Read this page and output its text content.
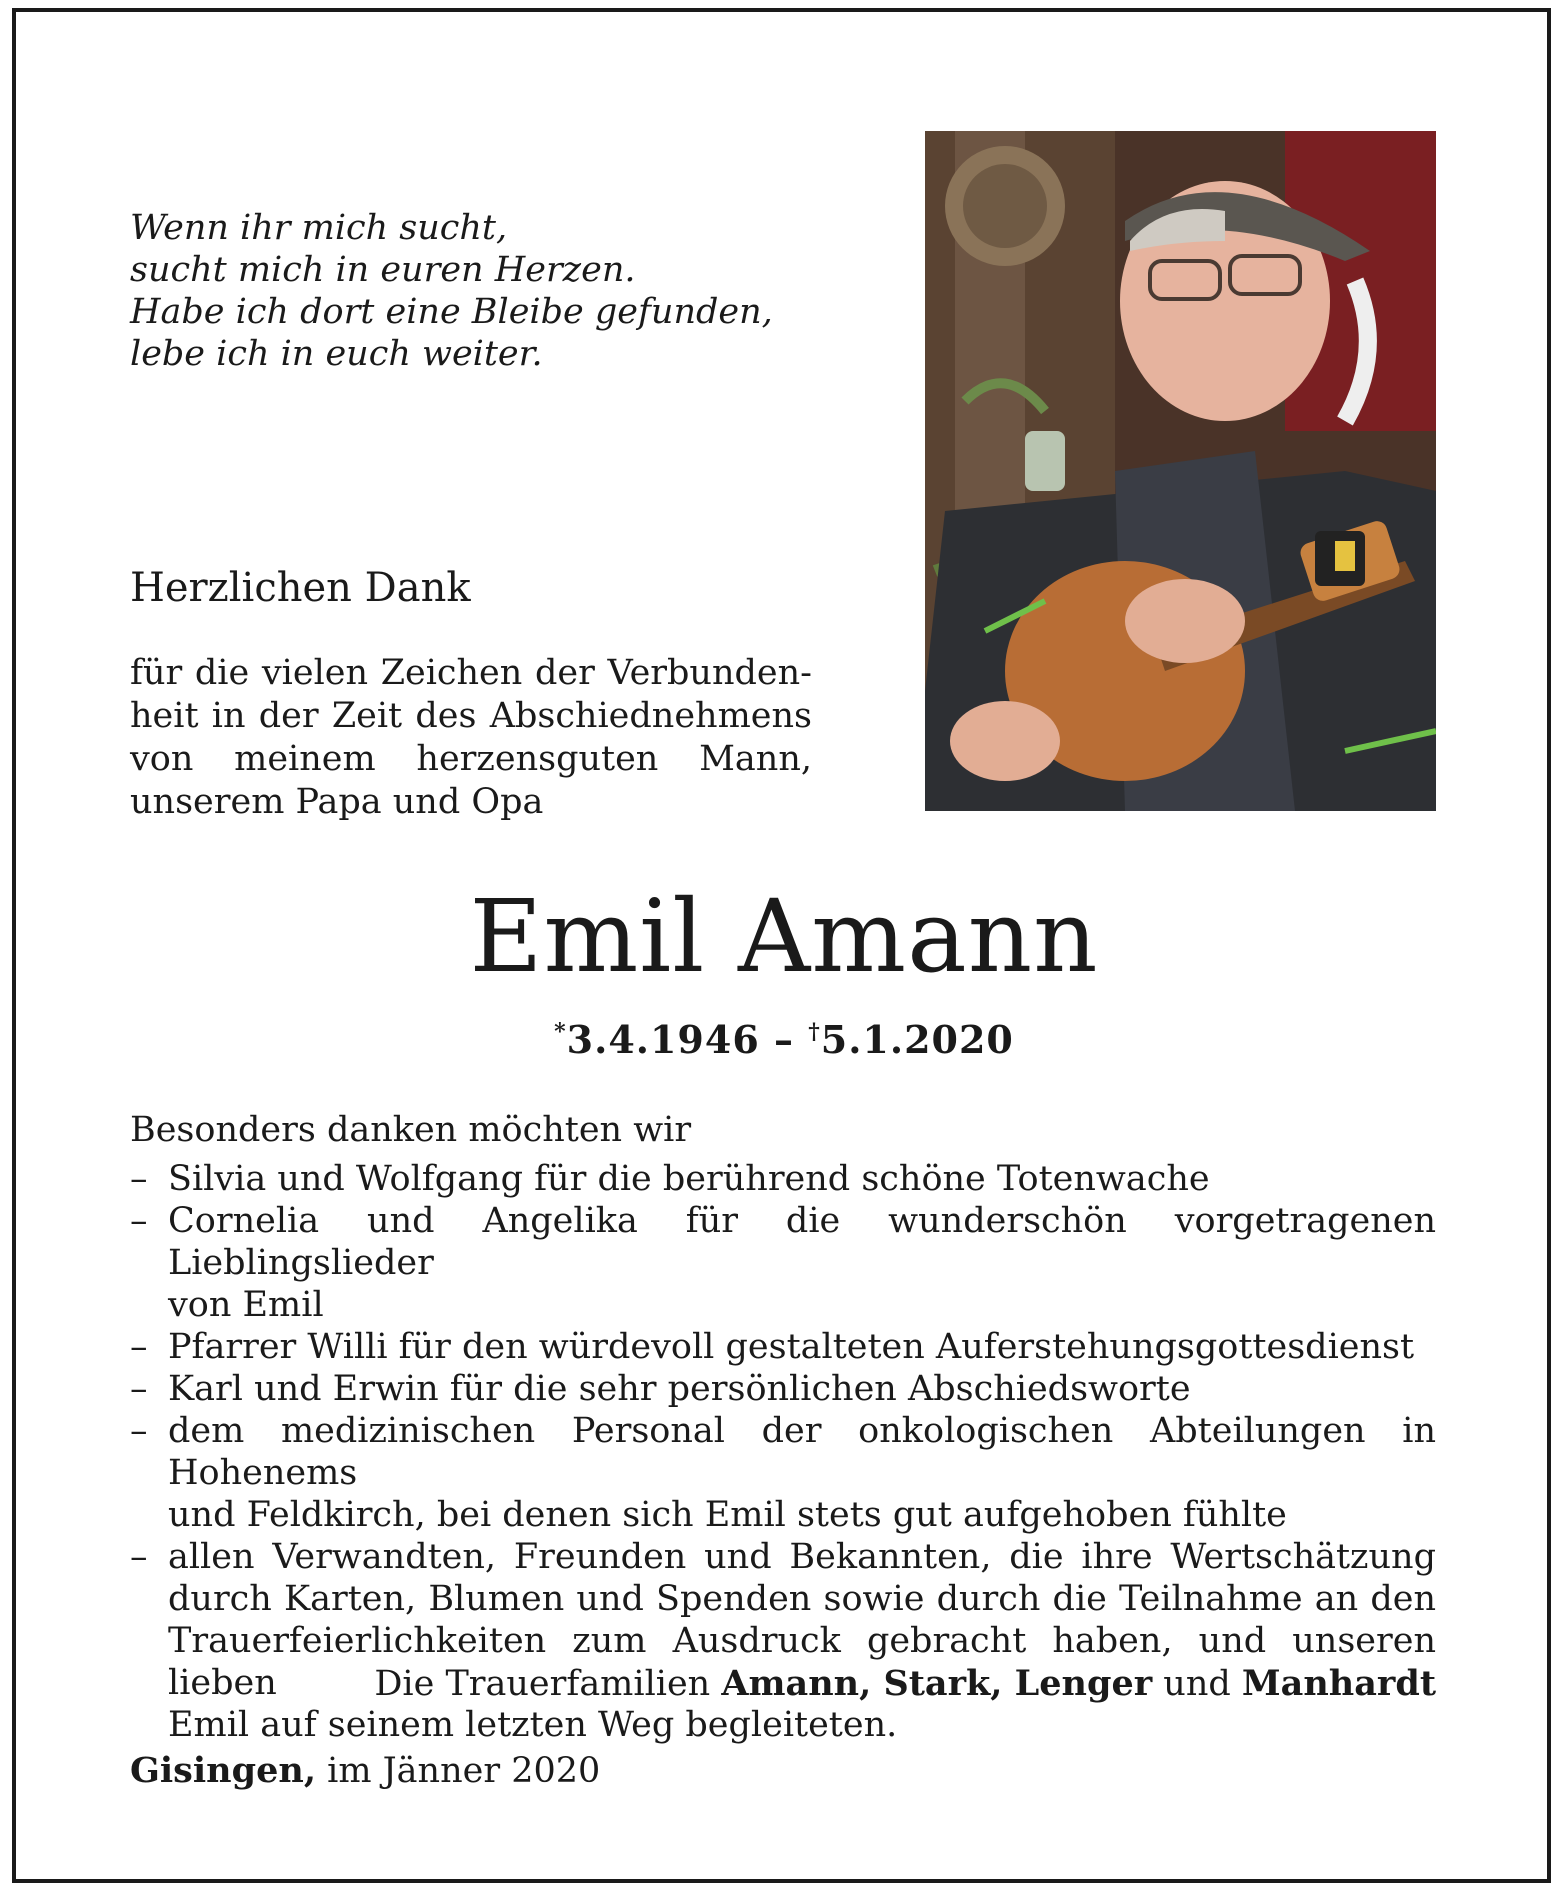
Wenn ihr mich sucht,
sucht mich in euren Herzen.
Habe ich dort eine Bleibe gefunden,
lebe ich in euch weiter.
Herzlichen Dank
für die vielen Zeichen der Verbunden-
heit in der Zeit des Abschiednehmens
von meinem herzensguten Mann,
unserem Papa und Opa
Emil Amann
*3.4.1946 – †5.1.2020
Besonders danken möchten wir
– Silvia und Wolfgang für die berührend schöne Totenwache
– Cornelia und Angelika für die wunderschön vorgetragenen Lieblingslieder
von Emil
– Pfarrer Willi für den würdevoll gestalteten Auferstehungsgottesdienst
– Karl und Erwin für die sehr persönlichen Abschiedsworte
– dem medizinischen Personal der onkologischen Abteilungen in Hohenems
und Feldkirch, bei denen sich Emil stets gut aufgehoben fühlte
– allen Verwandten, Freunden und Bekannten, die ihre Wertschätzung
durch Karten, Blumen und Spenden sowie durch die Teilnahme an den
Trauerfeierlichkeiten zum Ausdruck gebracht haben, und unseren lieben
Emil auf seinem letzten Weg begleiteten.
Die Trauerfamilien Amann, Stark, Lenger und Manhardt
Gisingen, im Jänner 2020
